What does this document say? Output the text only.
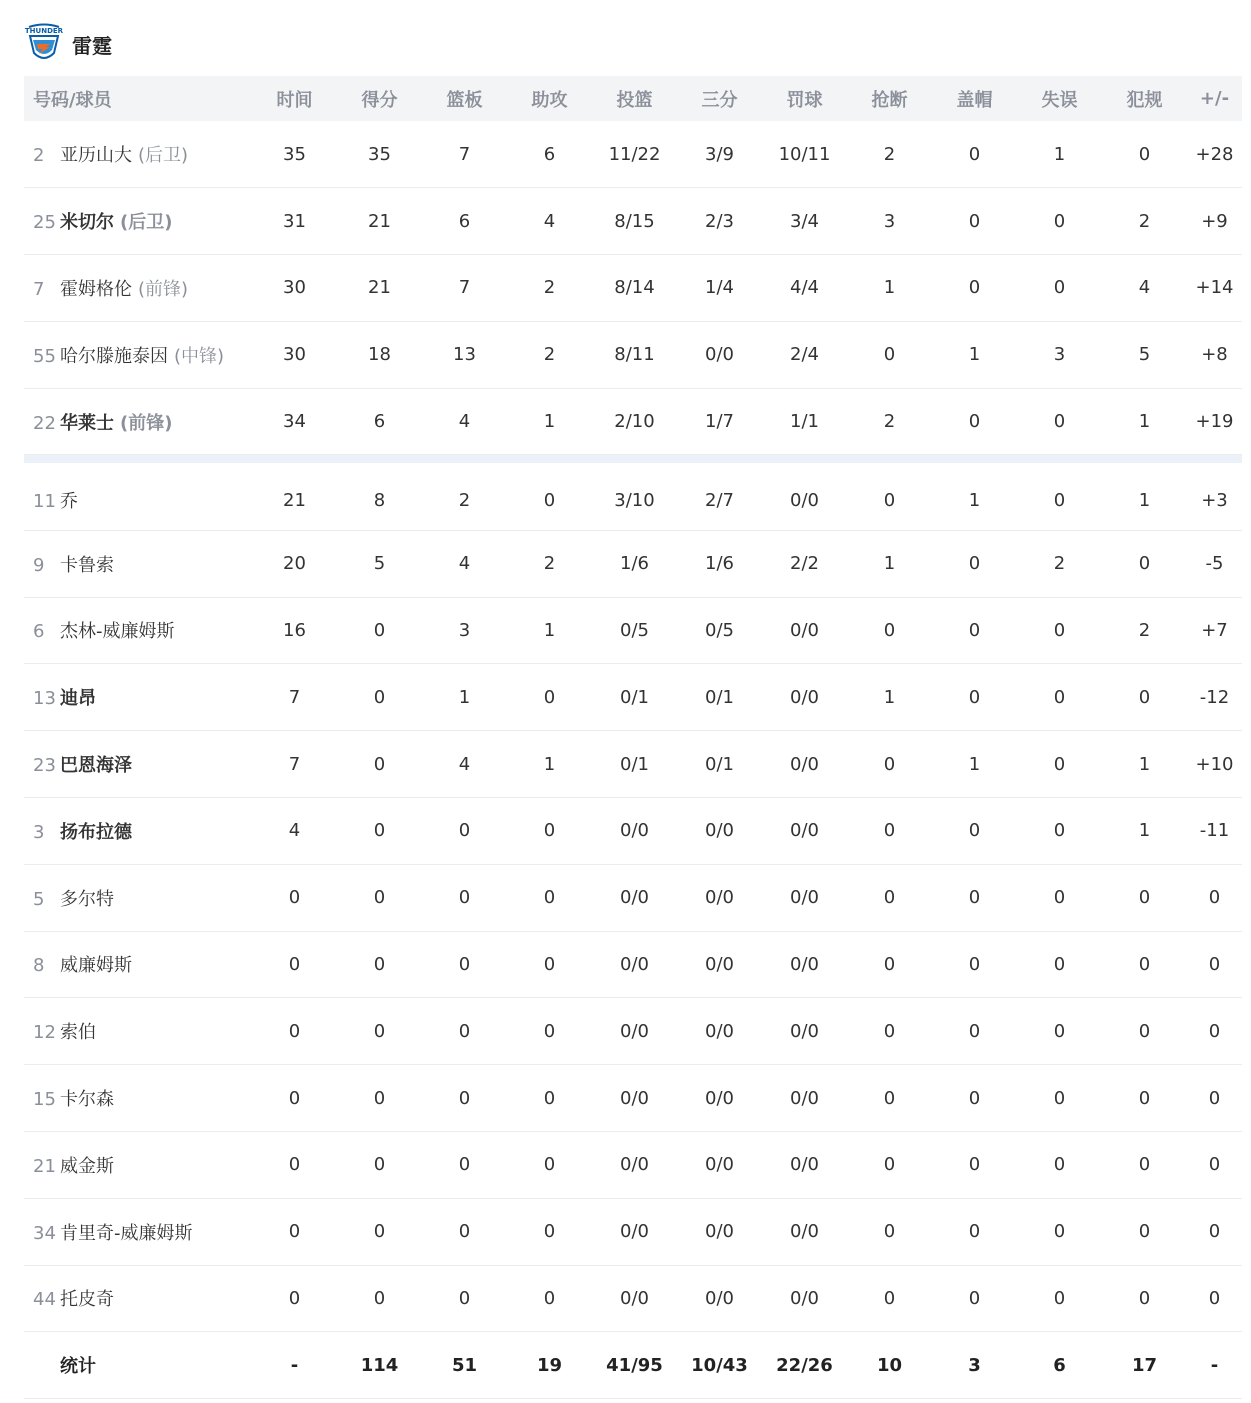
THUNDER
雷霆
号码/球员	时间	得分	篮板	助攻	投篮	三分	罚球	抢断	盖帽	失误	犯规	+/-
2 亚历山大 (后卫)	35	35	7	6	11/22	3/9	10/11	2	0	1	0	+28
25 米切尔 (后卫)	31	21	6	4	8/15	2/3	3/4	3	0	0	2	+9
7 霍姆格伦 (前锋)	30	21	7	2	8/14	1/4	4/4	1	0	0	4	+14
55 哈尔滕施泰因 (中锋)	30	18	13	2	8/11	0/0	2/4	0	1	3	5	+8
22 华莱士 (前锋)	34	6	4	1	2/10	1/7	1/1	2	0	0	1	+19

11 乔	21	8	2	0	3/10	2/7	0/0	0	1	0	1	+3
9 卡鲁索	20	5	4	2	1/6	1/6	2/2	1	0	2	0	-5
6 杰林-威廉姆斯	16	0	3	1	0/5	0/5	0/0	0	0	0	2	+7
13 迪昂	7	0	1	0	0/1	0/1	0/0	1	0	0	0	-12
23 巴恩海泽	7	0	4	1	0/1	0/1	0/0	0	1	0	1	+10
3 扬布拉德	4	0	0	0	0/0	0/0	0/0	0	0	0	1	-11
5 多尔特	0	0	0	0	0/0	0/0	0/0	0	0	0	0	0
8 威廉姆斯	0	0	0	0	0/0	0/0	0/0	0	0	0	0	0
12 索伯	0	0	0	0	0/0	0/0	0/0	0	0	0	0	0
15 卡尔森	0	0	0	0	0/0	0/0	0/0	0	0	0	0	0
21 威金斯	0	0	0	0	0/0	0/0	0/0	0	0	0	0	0
34 肯里奇-威廉姆斯	0	0	0	0	0/0	0/0	0/0	0	0	0	0	0
44 托皮奇	0	0	0	0	0/0	0/0	0/0	0	0	0	0	0
统计	-	114	51	19	41/95	10/43	22/26	10	3	6	17	-
